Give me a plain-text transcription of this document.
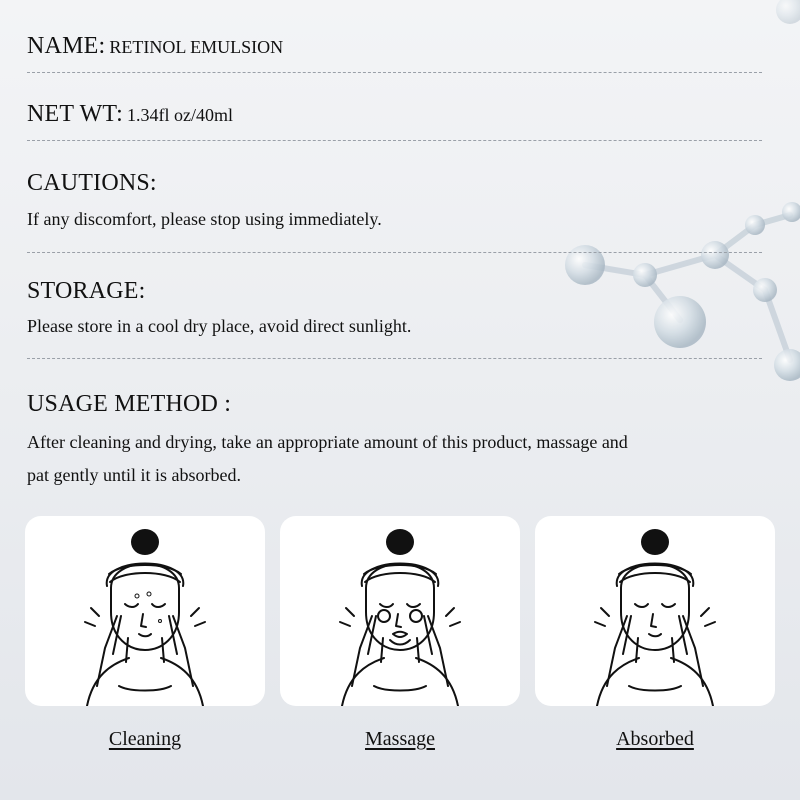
NAME: RETINOL EMULSION
NET WT: 1.34fl oz/40ml
CAUTIONS:
If any discomfort, please stop using immediately.
STORAGE:
Please store in a cool dry place, avoid direct sunlight.
USAGE METHOD :
After cleaning and drying, take an appropriate amount of this product, massage and
pat gently until it is absorbed.
Cleaning	Massage	Absorbed
